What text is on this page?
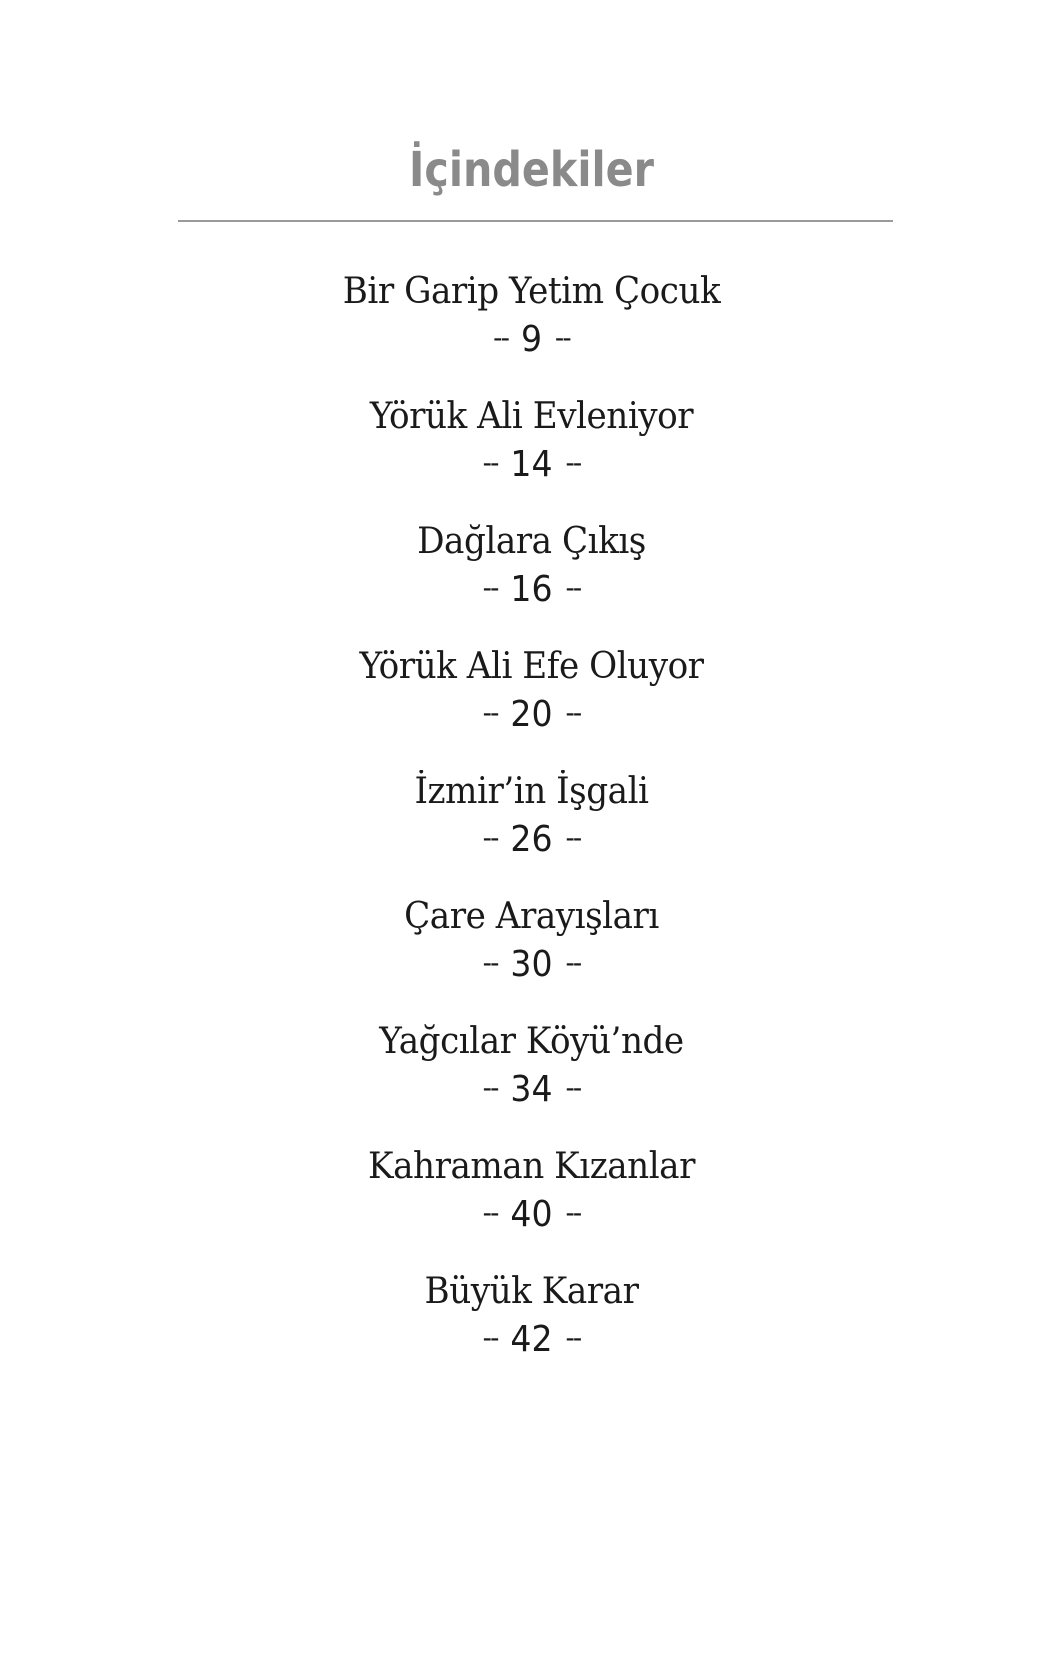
İçindekiler
Bir Garip Yetim Çocuk
-- 9 --
Yörük Ali Evleniyor
-- 14 --
Dağlara Çıkış
-- 16 --
Yörük Ali Efe Oluyor
-- 20 --
İzmir’in İşgali
-- 26 --
Çare Arayışları
-- 30 --
Yağcılar Köyü’nde
-- 34 --
Kahraman Kızanlar
-- 40 --
Büyük Karar
-- 42 --
